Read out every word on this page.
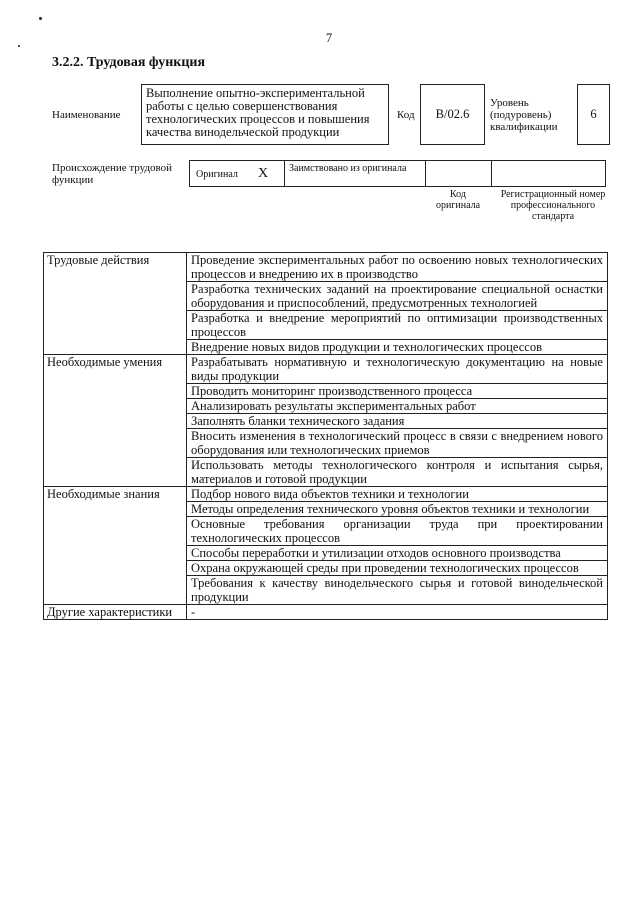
7
3.2.2. Трудовая функция
Наименование
Выполнение опытно-экспериментальной работы с целью совершенствования технологических процессов и повышения качества винодельческой продукции
Код	B/02.6
Уровень (подуровень) квалификации
6
Происхождение трудовой функции	Оригинал X Заимствовано из оригинала
Код оригинала
Регистрационный номер профессионального стандарта
Трудовые действия	Проведение экспериментальных работ по освоению новых технологических процессов и внедрению их в производство
	Разработка технических заданий на проектирование специальной оснастки оборудования и приспособлений, предусмотренных технологией
	Разработка и внедрение мероприятий по оптимизации производственных процессов
	Внедрение новых видов продукции и технологических процессов
Необходимые умения	Разрабатывать нормативную и технологическую документацию на новые виды продукции
	Проводить мониторинг производственного процесса
	Анализировать результаты экспериментальных работ
	Заполнять бланки технического задания
	Вносить изменения в технологический процесс в связи с внедрением нового оборудования или технологических приемов
	Использовать методы технологического контроля и испытания сырья, материалов и готовой продукции
Необходимые знания	Подбор нового вида объектов техники и технологии
	Методы определения технического уровня объектов техники и технологии
	Основные требования организации труда при проектировании технологических процессов
	Способы переработки и утилизации отходов основного производства
	Охрана окружающей среды при проведении технологических процессов
	Требования к качеству винодельческого сырья и готовой винодельческой продукции
Другие характеристики	-
